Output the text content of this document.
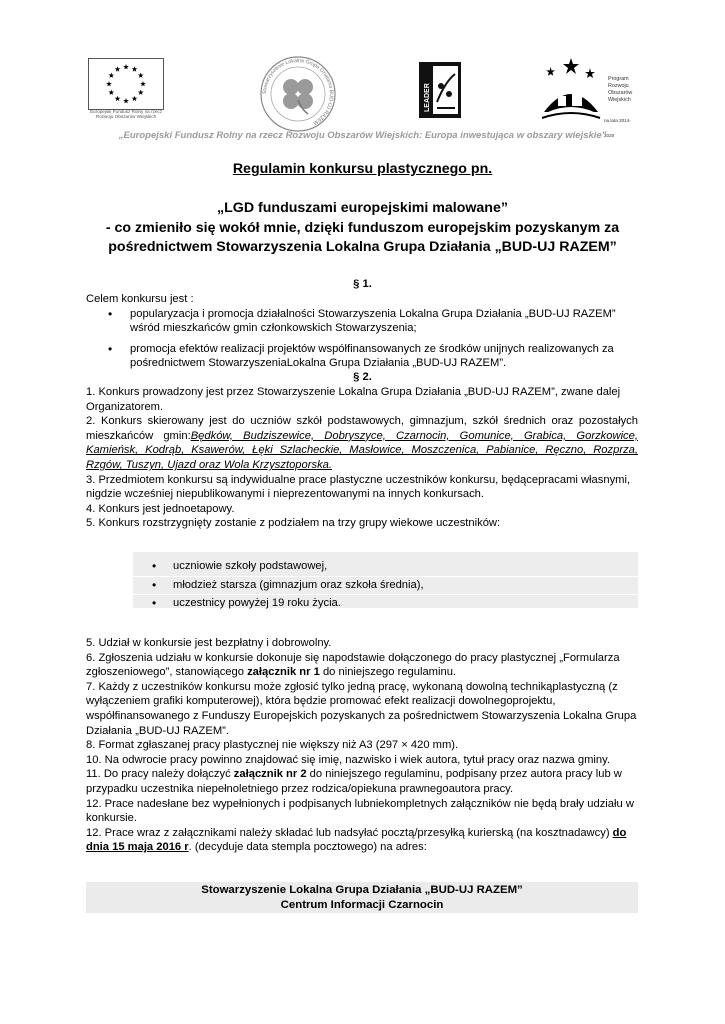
Europejski Fundusz Rolny na rzecz Rozwoju Obszarów Wiejskich
Stowarzyszenie Lokalna Grupa Działania BUD-UJ RAZEM
LEADER
Program
Rozwoju
Obszarów
Wiejskich
na lata 2014-2020
„Europejski Fundusz Rolny na rzecz Rozwoju Obszarów Wiejskich: Europa inwestująca w obszary wiejskie"
Regulamin konkursu plastycznego pn.
„LGD funduszami europejskimi malowane”
- co zmieniło się wokół mnie, dzięki funduszom europejskim pozyskanym za pośrednictwem Stowarzyszenia Lokalna Grupa Działania „BUD-UJ RAZEM”
§ 1.

Celem konkursu jest :

• popularyzacja i promocja działalności Stowarzyszenia Lokalna Grupa Działania „BUD-UJ RAZEM” wśród mieszkańców gmin członkowskich Stowarzyszenia;
• promocja efektów realizacji projektów współfinansowanych ze środków unijnych realizowanych za pośrednictwem StowarzyszeniaLokalna Grupa Działania „BUD-UJ RAZEM”.
§ 2.

1. Konkurs prowadzony jest przez Stowarzyszenie Lokalna Grupa Działania „BUD-UJ RAZEM”, zwane dalej Organizatorem.

2. Konkurs skierowany jest do uczniów szkół podstawowych, gimnazjum, szkół średnich oraz pozostałych mieszkańców gmin:Będków, Budziszewice, Dobryszyce, Czarnocin, Gomunice, Grabica, Gorzkowice, Kamieńsk, Kodrąb, Ksawerów, Łęki Szlacheckie, Masłowice, Moszczenica, Pabianice, Ręczno, Rozprza, Rzgów, Tuszyn, Ujazd oraz Wola Krzysztoporska.

3. Przedmiotem konkursu są indywidualne prace plastyczne uczestników konkursu, będącepracami własnymi, nigdzie wcześniej niepublikowanymi i nieprezentowanymi na innych konkursach.

4. Konkurs jest jednoetapowy.

5. Konkurs rozstrzygnięty zostanie z podziałem na trzy grupy wiekowe uczestników:

• uczniowie szkoły podstawowej,
• młodzież starsza (gimnazjum oraz szkoła średnia),
• uczestnicy powyżej 19 roku życia.

5. Udział w konkursie jest bezpłatny i dobrowolny.

6. Zgłoszenia udziału w konkursie dokonuje się napodstawie dołączonego do pracy plastycznej „Formularza zgłoszeniowego”, stanowiącego załącznik nr 1 do niniejszego regulaminu.

7. Każdy z uczestników konkursu może zgłosić tylko jedną pracę, wykonaną dowolną technikąplastyczną (z wyłączeniem grafiki komputerowej), która będzie promować efekt realizacji dowolnegoprojektu, współfinansowanego z Funduszy Europejskich pozyskanych za pośrednictwem Stowarzyszenia Lokalna Grupa Działania „BUD-UJ RAZEM”.

8. Format zgłaszanej pracy plastycznej nie większy niż A3 (297 × 420 mm).

10. Na odwrocie pracy powinno znajdować się imię, nazwisko i wiek autora, tytuł pracy oraz nazwa gminy.

11. Do pracy należy dołączyć załącznik nr 2 do niniejszego regulaminu, podpisany przez autora pracy lub w przypadku uczestnika niepełnoletniego przez rodzica/opiekuna prawnegoautora pracy.

12. Prace nadesłane bez wypełnionych i podpisanych lubniekompletnych załączników nie będą brały udziału w konkursie.

12. Prace wraz z załącznikami należy składać lub nadsyłać pocztą/przesyłką kurierską (na kosztnadawcy) do dnia 15 maja 2016 r. (decyduje data stempla pocztowego) na adres:

Stowarzyszenie Lokalna Grupa Działania „BUD-UJ RAZEM”
Centrum Informacji Czarnocin
